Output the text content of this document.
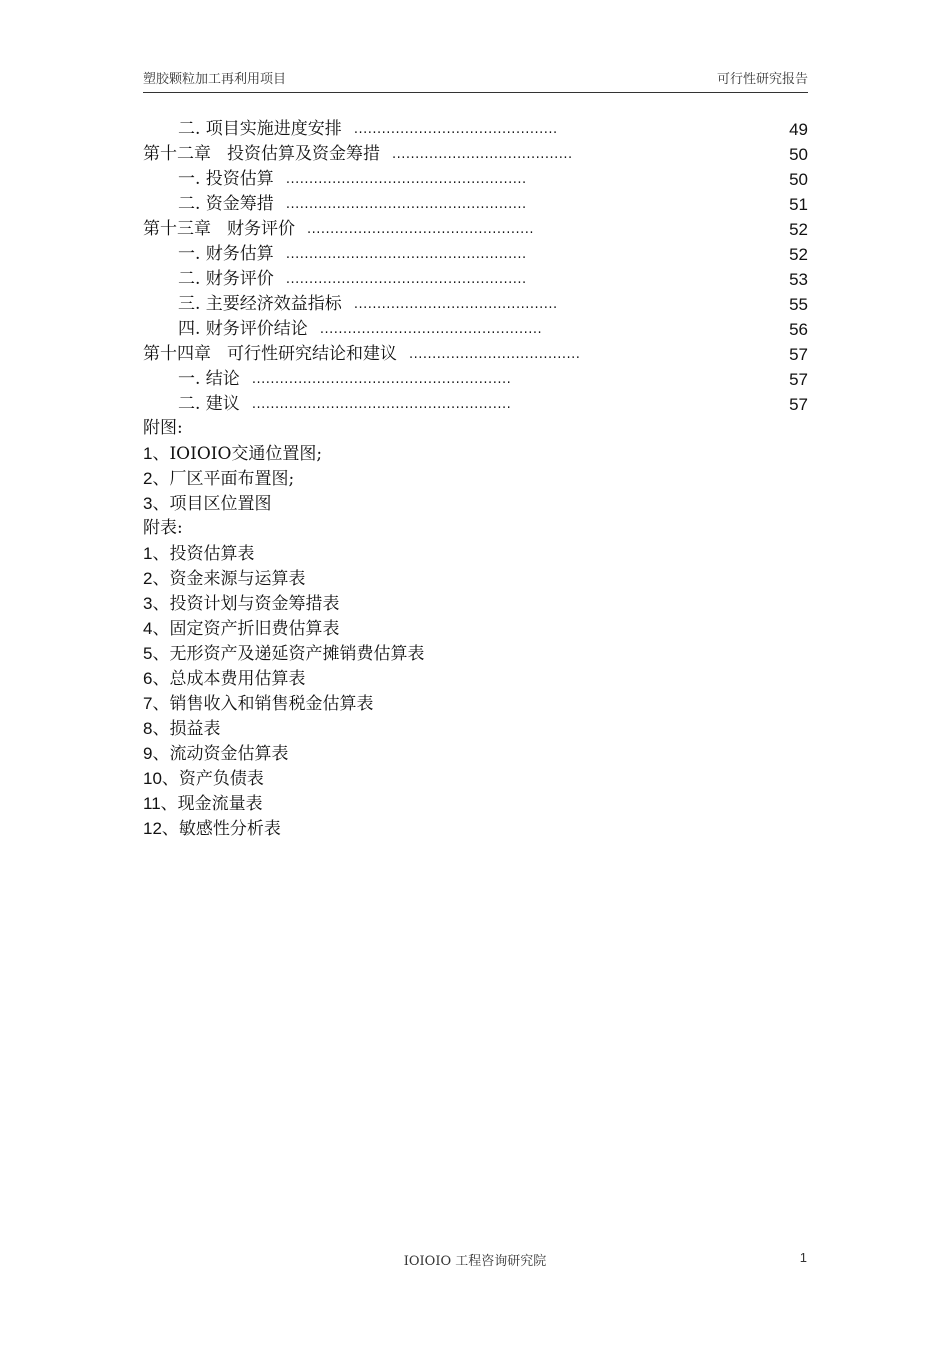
塑胶颗粒加工再利用项目	可行性研究报告
二. 项目实施进度安排 ............................................	49
第十二章 投资估算及资金筹措 .......................................	50
一. 投资估算 ....................................................	50
二. 资金筹措 ....................................................	51
第十三章 财务评价 .................................................	52
一. 财务估算 ....................................................	52
二. 财务评价 ....................................................	53
三. 主要经济效益指标 ............................................	55
四. 财务评价结论 ................................................	56
第十四章 可行性研究结论和建议 .....................................	57
一. 结论 ........................................................	57
二. 建议 ........................................................	57
附图:
1、IOIOIO交通位置图;
2、厂区平面布置图;
3、项目区位置图
附表:
1、投资估算表
2、资金来源与运算表
3、投资计划与资金筹措表
4、固定资产折旧费估算表
5、无形资产及递延资产摊销费估算表
6、总成本费用估算表
7、销售收入和销售税金估算表
8、损益表
9、流动资金估算表
10、资产负债表
11、现金流量表
12、敏感性分析表
IOIOIO 工程咨询研究院	1
